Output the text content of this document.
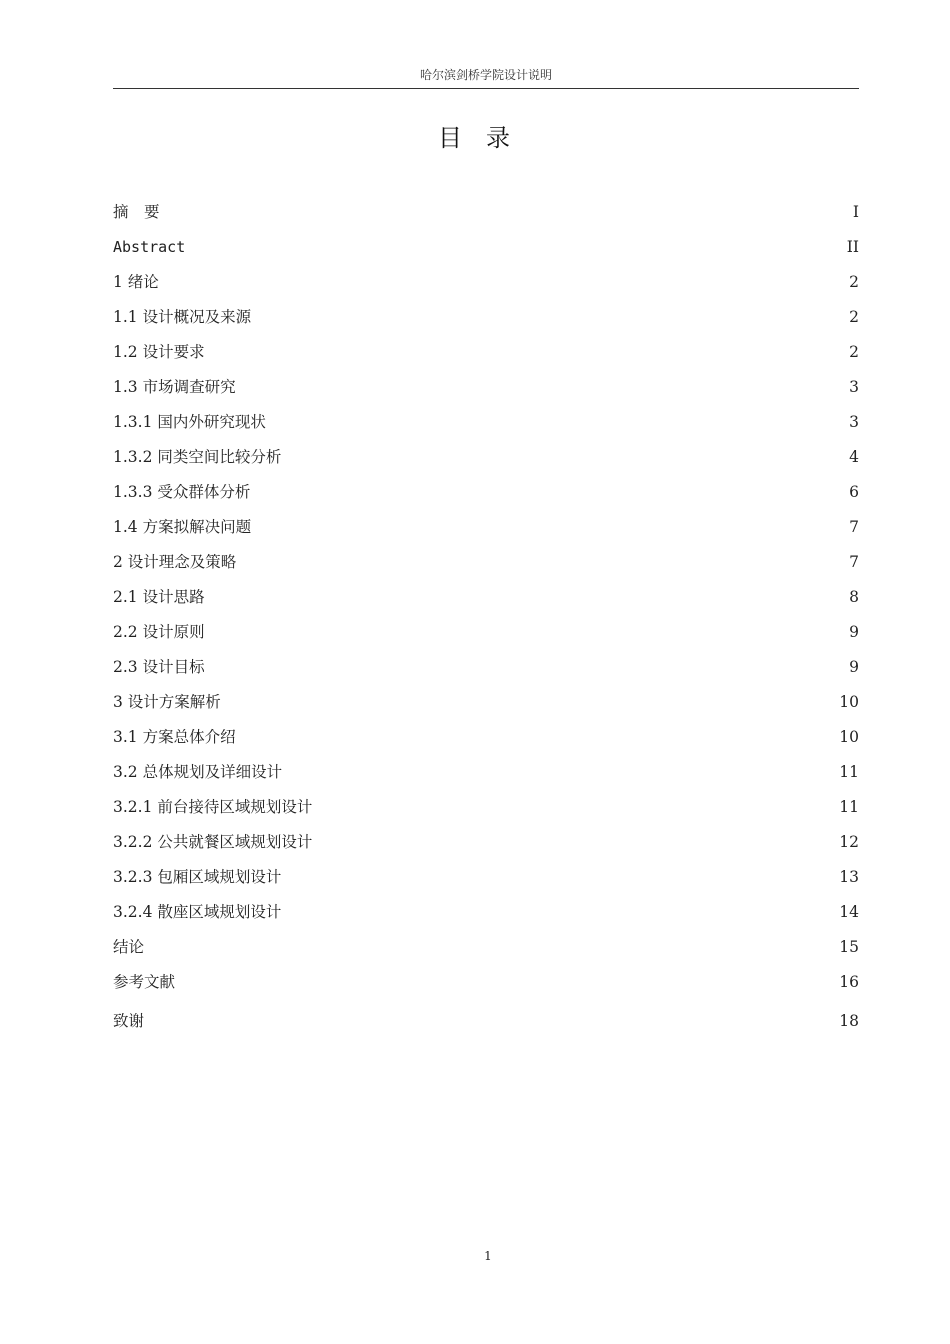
哈尔滨剑桥学院设计说明
目录
摘　要	I
Abstract	II
1 绪论	2
1.1 设计概况及来源	2
1.2 设计要求	2
1.3 市场调查研究	3
1.3.1 国内外研究现状	3
1.3.2 同类空间比较分析	4
1.3.3 受众群体分析	6
1.4 方案拟解决问题	7
2 设计理念及策略	7
2.1 设计思路	8
2.2 设计原则	9
2.3 设计目标	9
3 设计方案解析	10
3.1 方案总体介绍	10
3.2 总体规划及详细设计	11
3.2.1 前台接待区域规划设计	11
3.2.2 公共就餐区域规划设计	12
3.2.3 包厢区域规划设计	13
3.2.4 散座区域规划设计	14
结论	15
参考文献	16
致谢	18
1
